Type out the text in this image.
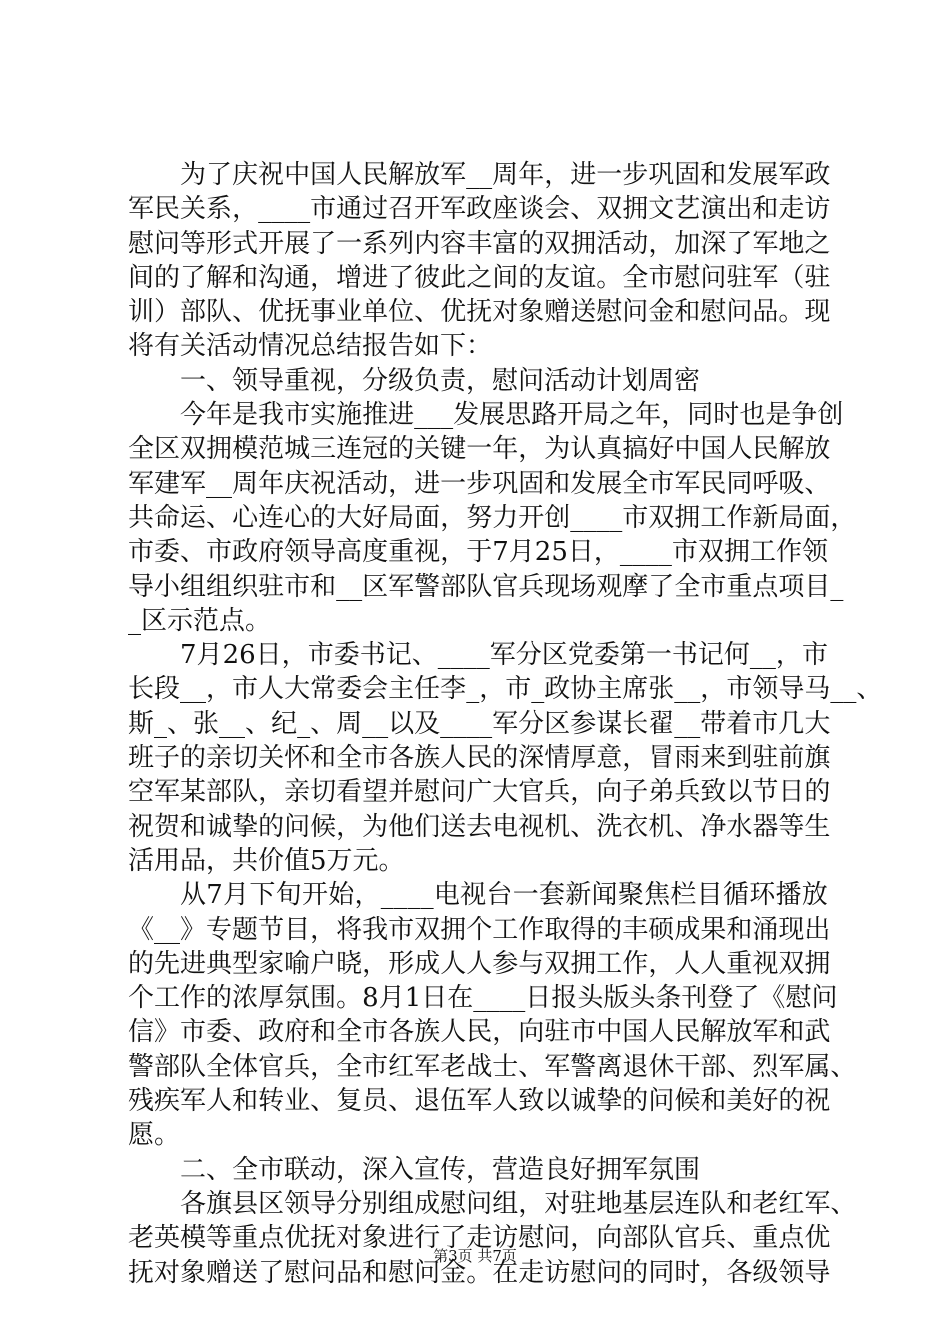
为 了 庆 祝 中 国 人 民 解 放 军 _ _ 周 年 ， 进 一 步 巩 固 和 发 展 军 政
军 民 关 系 ， _ _ _ _ 市 通 过 召 开 军 政 座 谈 会 、 双 拥 文 艺 演 出 和 走 访
慰 问 等 形 式 开 展 了 一 系 列 内 容 丰 富 的 双 拥 活 动 ， 加 深 了 军 地 之
间 的 了 解 和 沟 通 ， 增 进 了 彼 此 之 间 的 友 谊 。 全 市 慰 问 驻 军 （ 驻
训 ） 部 队 、 优 抚 事 业 单 位 、 优 抚 对 象 赠 送 慰 问 金 和 慰 问 品 。 现
将有关活动情况总结报告如下：
一、领导重视，分级负责，慰问活动计划周密
今 年 是 我 市 实 施 推 进 _ _ _ 发 展 思 路 开 局 之 年 ， 同 时 也 是 争 创
全 区 双 拥 模 范 城 三 连 冠 的 关 键 一 年 ， 为 认 真 搞 好 中 国 人 民 解 放
军 建 军 _ _ 周 年 庆 祝 活 动 ， 进 一 步 巩 固 和 发 展 全 市 军 民 同 呼 吸 、
共 命 运 、 心 连 心 的 大 好 局 面 ， 努 力 开 创 _ _ _ _ 市 双 拥 工 作 新 局 面 ，
市 委 、 市 政 府 领 导 高 度 重 视 ， 于 7 月 2 5 日 ， _ _ _ _ 市 双 拥 工 作 领
导 小 组 组 织 驻 市 和 _ _ 区 军 警 部 队 官 兵 现 场 观 摩 了 全 市 重 点 项 目 _
_区示范点。
7 月 2 6 日 ， 市 委 书 记 、 _ _ _ _ 军 分 区 党 委 第 一 书 记 何 _ _ ， 市
长 段 _ _ ， 市 人 大 常 委 会 主 任 李 _ ， 市 _ 政 协 主 席 张 _ _ ， 市 领 导 马 _ _ 、
斯 _ 、 张 _ _ 、 纪 _ 、 周 _ _ 以 及 _ _ _ _ 军 分 区 参 谋 长 翟 _ _ 带 着 市 几 大
班 子 的 亲 切 关 怀 和 全 市 各 族 人 民 的 深 情 厚 意 ， 冒 雨 来 到 驻 前 旗
空 军 某 部 队 ， 亲 切 看 望 并 慰 问 广 大 官 兵 ， 向 子 弟 兵 致 以 节 日 的
祝 贺 和 诚 挚 的 问 候 ， 为 他 们 送 去 电 视 机 、 洗 衣 机 、 净 水 器 等 生
活用品，共价值5万元。
从 7 月 下 旬 开 始 ， _ _ _ _ 电 视 台 一 套 新 闻 聚 焦 栏 目 循 环 播 放
《 _ _ 》 专 题 节 目 ， 将 我 市 双 拥 个 工 作 取 得 的 丰 硕 成 果 和 涌 现 出
的 先 进 典 型 家 喻 户 晓 ， 形 成 人 人 参 与 双 拥 工 作 ， 人 人 重 视 双 拥
个 工 作 的 浓 厚 氛 围 。 8 月 1 日 在 _ _ _ _ 日 报 头 版 头 条 刊 登 了 《 慰 问
信 》 市 委 、 政 府 和 全 市 各 族 人 民 ， 向 驻 市 中 国 人 民 解 放 军 和 武
警 部 队 全 体 官 兵 ， 全 市 红 军 老 战 士 、 军 警 离 退 休 干 部 、 烈 军 属 、
残 疾 军 人 和 转 业 、 复 员 、 退 伍 军 人 致 以 诚 挚 的 问 候 和 美 好 的 祝
愿。
二、全市联动，深入宣传，营造良好拥军氛围
各 旗 县 区 领 导 分 别 组 成 慰 问 组 ， 对 驻 地 基 层 连 队 和 老 红 军 、
老 英 模 等 重 点 优 抚 对 象 进 行 了 走 访 慰 问 ， 向 部 队 官 兵 、 重 点 优
抚 对 象 赠 送 了 慰 问 品 和 慰 问 金 。 在 走 访 慰 问 的 同 时 ， 各 级 领 导
第3页 共7页
